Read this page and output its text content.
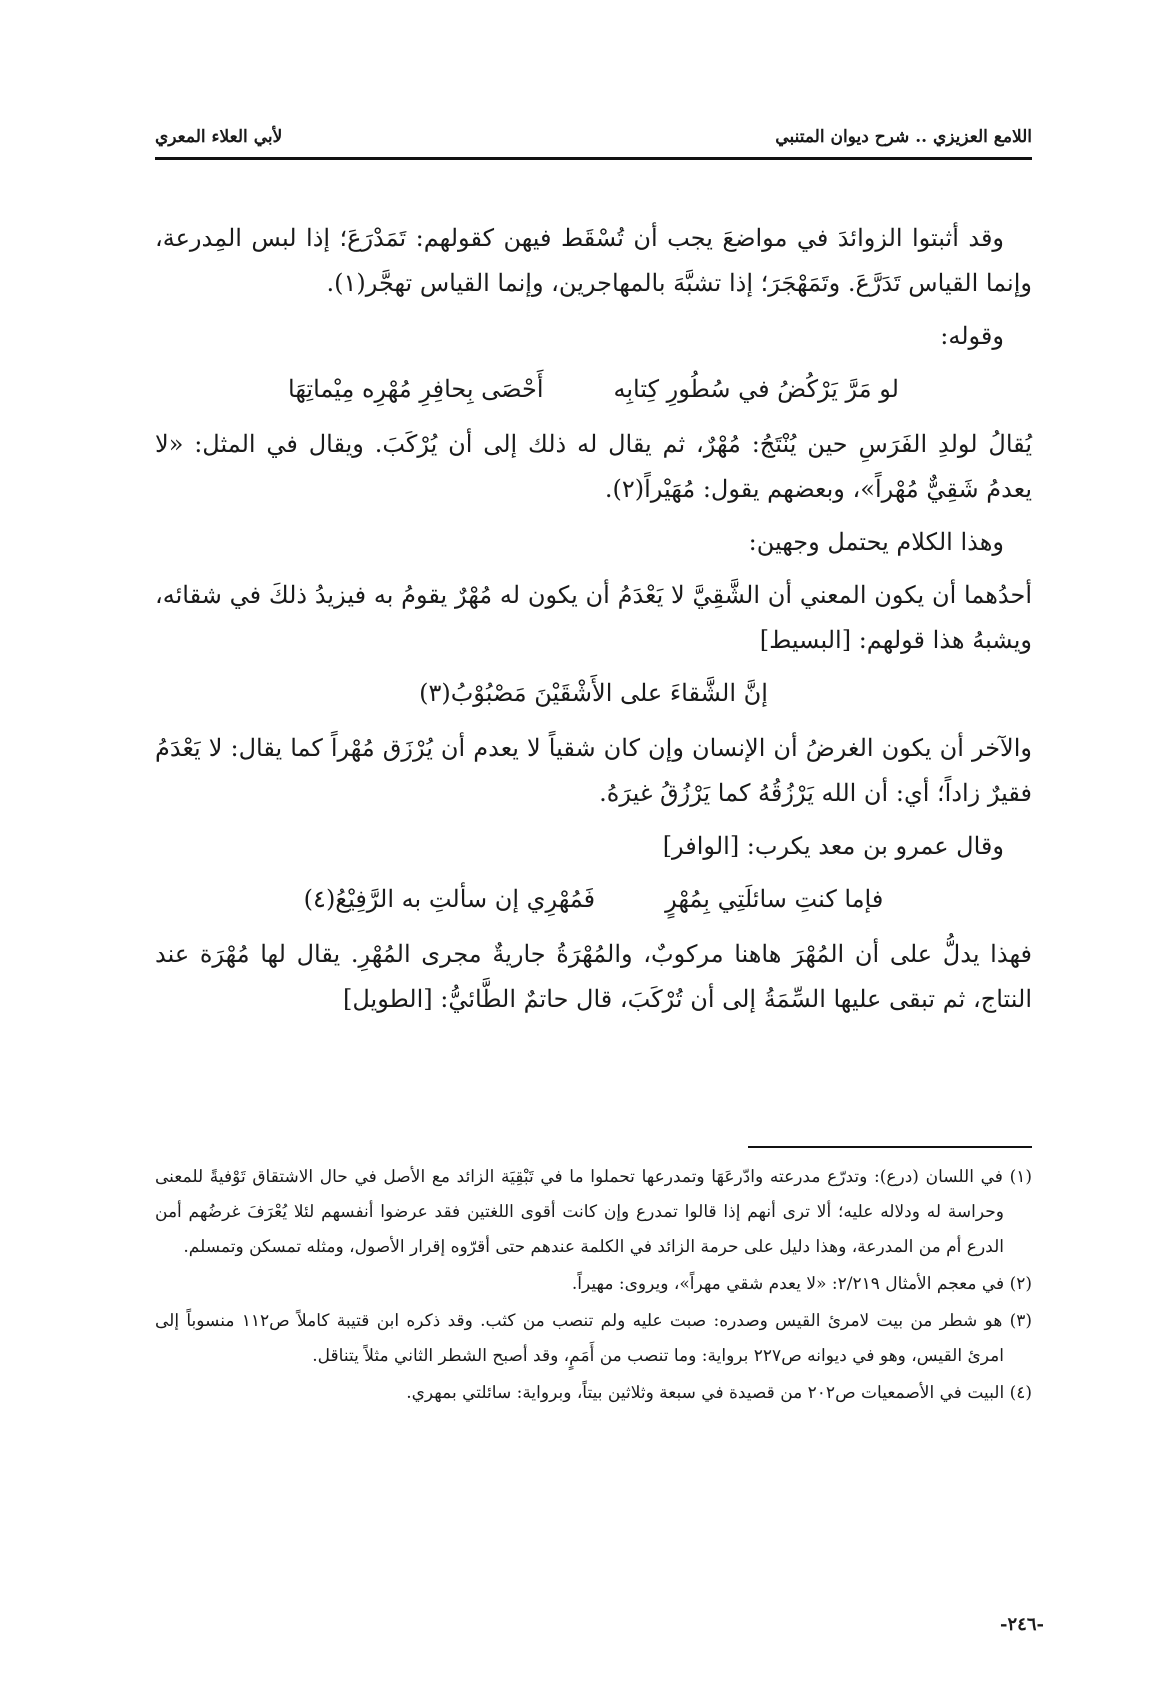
اللامع العزيزي .. شرح ديوان المتنبي
لأبي العلاء المعري

وقد أثبتوا الزوائدَ في مواضعَ يجب أن تُسْقَط فيهن كقولهم: تَمَدْرَعَ؛ إذا لبس المِدرعة، وإنما القياس تَدَرَّعَ. وتَمَهْجَرَ؛ إذا تشبَّهَ بالمهاجرين، وإنما القياس تهجَّر(١).

وقوله:

لو مَرَّ يَرْكُضُ في سُطُورِ كِتابِه
أَحْصَى بِحافِرِ مُهْرِه مِيْماتِهَا

يُقالُ لولدِ الفَرَسِ حين يُنْتَجُ: مُهْرٌ، ثم يقال له ذلك إلى أن يُرْكَبَ. ويقال في المثل: «لا يعدمُ شَقِيٌّ مُهْراً»، وبعضهم يقول: مُهَيْراً(٢).

وهذا الكلام يحتمل وجهين:

أحدُهما أن يكون المعني أن الشَّقِيَّ لا يَعْدَمُ أن يكون له مُهْرٌ يقومُ به فيزيدُ ذلكَ في شقائه، ويشبهُ هذا قولهم: [البسيط]

إنَّ الشَّقاءَ على الأَشْقَيْنَ مَصْبُوْبُ(٣)

والآخر أن يكون الغرضُ أن الإنسان وإن كان شقياً لا يعدم أن يُرْزَق مُهْراً كما يقال: لا يَعْدَمُ فقيرٌ زاداً؛ أي: أن الله يَرْزُقُهُ كما يَرْزُقُ غيرَهُ.

وقال عمرو بن معد يكرب: [الوافر]

فإما كنتِ سائلَتِي بِمُهْرٍ
فَمُهْرِي إن سألتِ به الرَّفِيْعُ(٤)

فهذا يدلُّ على أن المُهْرَ هاهنا مركوبٌ، والمُهْرَةُ جاريةٌ مجرى المُهْرِ. يقال لها مُهْرَة عند النتاج، ثم تبقى عليها السِّمَةُ إلى أن تُرْكَبَ، قال حاتمٌ الطَّائيُّ: [الطويل]

(١) في اللسان (درع): وتدرّع مدرعته وادّرعَهَا وتمدرعها تحملوا ما في تَبْقِيَة الزائد مع الأصل في حال الاشتقاق تَوْفيةً للمعنى وحراسة له ودلاله عليه؛ ألا ترى أنهم إذا قالوا تمدرع وإن كانت أقوى اللغتين فقد عرضوا أنفسهم لئلا يُعْرَفَ غرضُهم أمن الدرع أم من المدرعة، وهذا دليل على حرمة الزائد في الكلمة عندهم حتى أقرّوه إقرار الأصول، ومثله تمسكن وتمسلم.

(٢) في معجم الأمثال ٢/٢١٩: «لا يعدم شقي مهراً»، ويروى: مهيراً.

(٣) هو شطر من بيت لامرئ القيس وصدره: صبت عليه ولم تنصب من كثب. وقد ذكره ابن قتيبة كاملاً ص١١٢ منسوباً إلى امرئ القيس، وهو في ديوانه ص٢٢٧ برواية: وما تنصب من أَمَمٍ، وقد أصبح الشطر الثاني مثلاً يتناقل.

(٤) البيت في الأصمعيات ص٢٠٢ من قصيدة في سبعة وثلاثين بيتاً، وبرواية: سائلتي بمهري.

-٢٤٦-
